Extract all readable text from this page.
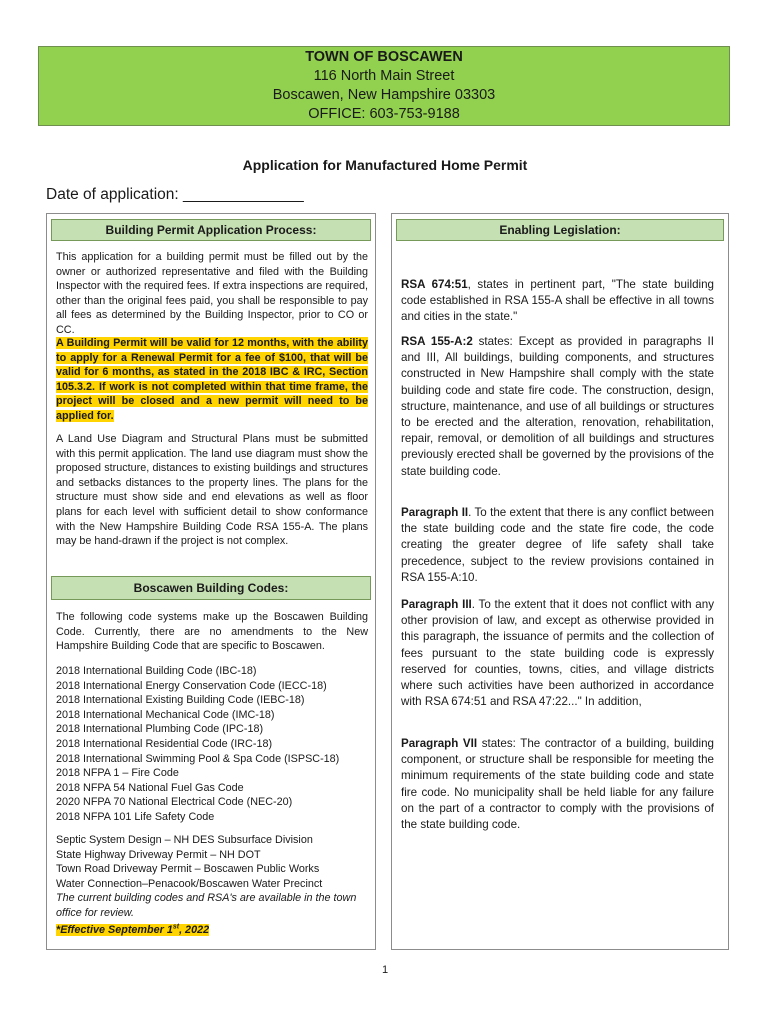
TOWN OF BOSCAWEN
116 North Main Street
Boscawen, New Hampshire 03303
OFFICE: 603-753-9188
Application for Manufactured Home Permit
Date of application: ______________
Building Permit Application Process:
This application for a building permit must be filled out by the owner or authorized representative and filed with the Building Inspector with the required fees. If extra inspections are required, other than the original fees paid, you shall be responsible to pay all fees as determined by the Building Inspector, prior to CO or CC.
A Building Permit will be valid for 12 months, with the ability to apply for a Renewal Permit for a fee of $100, that will be valid for 6 months, as stated in the 2018 IBC & IRC, Section 105.3.2. If work is not completed within that time frame, the project will be closed and a new permit will need to be applied for.
A Land Use Diagram and Structural Plans must be submitted with this permit application. The land use diagram must show the proposed structure, distances to existing buildings and structures and setbacks distances to the property lines. The plans for the structure must show side and end elevations as well as floor plans for each level with sufficient detail to show conformance with the New Hampshire Building Code RSA 155-A. The plans may be hand-drawn if the project is not complex.
Boscawen Building Codes:
The following code systems make up the Boscawen Building Code. Currently, there are no amendments to the New Hampshire Building Code that are specific to Boscawen.
2018 International Building Code (IBC-18)
2018 International Energy Conservation Code (IECC-18)
2018 International Existing Building Code (IEBC-18)
2018 International Mechanical Code (IMC-18)
2018 International Plumbing Code (IPC-18)
2018 International Residential Code (IRC-18)
2018 International Swimming Pool & Spa Code (ISPSC-18)
2018 NFPA 1 – Fire Code
2018 NFPA 54 National Fuel Gas Code
2020 NFPA 70 National Electrical Code (NEC-20)
2018 NFPA 101 Life Safety Code
Septic System Design – NH DES Subsurface Division
State Highway Driveway Permit – NH DOT
Town Road Driveway Permit – Boscawen Public Works
Water Connection–Penacook/Boscawen Water Precinct
The current building codes and RSA's are available in the town office for review.
*Effective September 1st, 2022
Enabling Legislation:
RSA 674:51, states in pertinent part, "The state building code established in RSA 155-A shall be effective in all towns and cities in the state."
RSA 155-A:2 states: Except as provided in paragraphs II and III, All buildings, building components, and structures constructed in New Hampshire shall comply with the state building code and state fire code. The construction, design, structure, maintenance, and use of all buildings or structures to be erected and the alteration, renovation, rehabilitation, repair, removal, or demolition of all buildings and structures previously erected shall be governed by the provisions of the state building code.
Paragraph II. To the extent that there is any conflict between the state building code and the state fire code, the code creating the greater degree of life safety shall take precedence, subject to the review provisions contained in RSA 155-A:10.
Paragraph III. To the extent that it does not conflict with any other provision of law, and except as otherwise provided in this paragraph, the issuance of permits and the collection of fees pursuant to the state building code is expressly reserved for counties, towns, cities, and village districts where such activities have been authorized in accordance with RSA 674:51 and RSA 47:22..." In addition,
Paragraph VII states: The contractor of a building, building component, or structure shall be responsible for meeting the minimum requirements of the state building code and state fire code. No municipality shall be held liable for any failure on the part of a contractor to comply with the provisions of the state building code.
1
